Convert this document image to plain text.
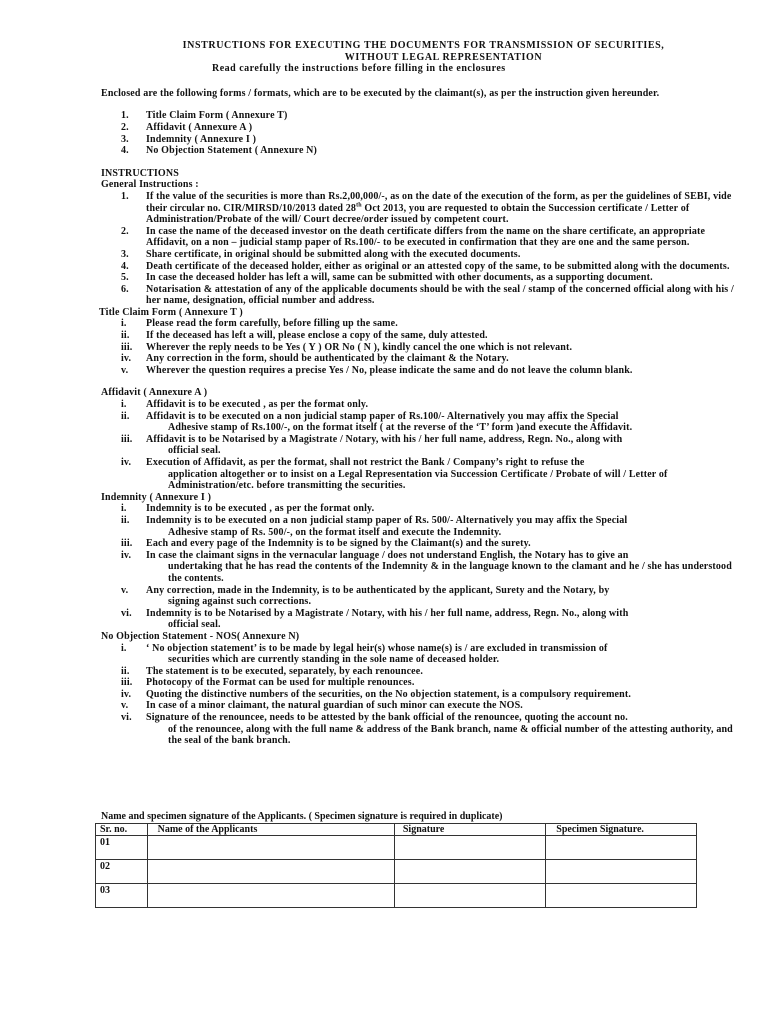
INSTRUCTIONS FOR EXECUTING THE DOCUMENTS FOR TRANSMISSION OF SECURITIES,
WITHOUT LEGAL REPRESENTATION
Read carefully the instructions before filling in the enclosures
Enclosed are the following forms / formats, which are to be executed by the claimant(s), as per the instruction given hereunder.
1.	Title Claim Form ( Annexure T)
2.	Affidavit ( Annexure A )
3.	Indemnity ( Annexure I )
4.	No Objection Statement ( Annexure N)
INSTRUCTIONS
General Instructions :
1.	If the value of the securities is more than Rs.2,00,000/-, as on the date of the execution of the form, as per the guidelines of SEBI, vide their circular no. CIR/MIRSD/10/2013 dated 28th Oct 2013, you are requested to obtain the Succession certificate / Letter of Administration/Probate of the will/ Court decree/order issued by competent court.
2.	In case the name of the deceased investor on the death certificate differs from the name on the share certificate, an appropriate Affidavit, on a non – judicial stamp paper of Rs.100/- to be executed in confirmation that they are one and the same person.
3.	Share certificate, in original should be submitted along with the executed documents.
4.	Death certificate of the deceased holder, either as original or an attested copy of the same, to be submitted along with the documents.
5.	In case the deceased holder has left a will, same can be submitted with other documents, as a supporting document.
6.	Notarisation & attestation of any of the applicable documents should be with the seal / stamp of the concerned official along with his / her name, designation, official number and address.
Title Claim Form ( Annexure T )
i. Please read the form carefully, before filling up the same.
ii. If the deceased has left a will, please enclose a copy of the same, duly attested.
iii. Wherever the reply needs to be Yes ( Y ) OR No ( N ), kindly cancel the one which is not relevant.
iv. Any correction in the form, should be authenticated by the claimant & the Notary.
v. Wherever the question requires a precise Yes / No, please indicate the same and do not leave the column blank.
Affidavit ( Annexure A )
i. Affidavit is to be executed , as per the format only.
ii. Affidavit is to be executed on a non judicial stamp paper of Rs.100/- Alternatively you may affix the Special
Adhesive stamp of Rs.100/-, on the format itself ( at the reverse of the ‘T’ form )and execute the Affidavit.
iii. Affidavit is to be Notarised by a Magistrate / Notary, with his / her full name, address, Regn. No., along with
official seal.
iv. Execution of Affidavit, as per the format, shall not restrict the Bank / Company’s right to refuse the
application altogether or to insist on a Legal Representation via Succession Certificate / Probate of will / Letter of Administration/etc. before transmitting the securities.
Indemnity ( Annexure I )
i. Indemnity is to be executed , as per the format only.
ii. Indemnity is to be executed on a non judicial stamp paper of Rs. 500/- Alternatively you may affix the Special
Adhesive stamp of Rs. 500/-, on the format itself and execute the Indemnity.
iii. Each and every page of the Indemnity is to be signed by the Claimant(s) and the surety.
iv. In case the claimant signs in the vernacular language / does not understand English, the Notary has to give an
undertaking that he has read the contents of the Indemnity & in the language known to the clamant and he / she has understood the contents.
v. Any correction, made in the Indemnity, is to be authenticated by the applicant, Surety and the Notary, by
signing against such corrections.
vi. Indemnity is to be Notarised by a Magistrate / Notary, with his / her full name, address, Regn. No., along with
official seal.
No Objection Statement - NOS( Annexure N)
i. ‘ No objection statement’ is to be made by legal heir(s) whose name(s) is / are excluded in transmission of
securities which are currently standing in the sole name of deceased holder.
ii. The statement is to be executed, separately, by each renouncee.
iii. Photocopy of the Format can be used for multiple renounces.
iv. Quoting the distinctive numbers of the securities, on the No objection statement, is a compulsory requirement.
v. In case of a minor claimant, the natural guardian of such minor can execute the NOS.
vi. Signature of the renouncee, needs to be attested by the bank official of the renouncee, quoting the account no.
of the renouncee, along with the full name & address of the Bank branch, name & official number of the attesting authority, and the seal of the bank branch.
Name and specimen signature of the Applicants. ( Specimen signature is required in duplicate)
Sr. no.	Name of the Applicants	Signature	Specimen Signature.
01			
02			
03			
